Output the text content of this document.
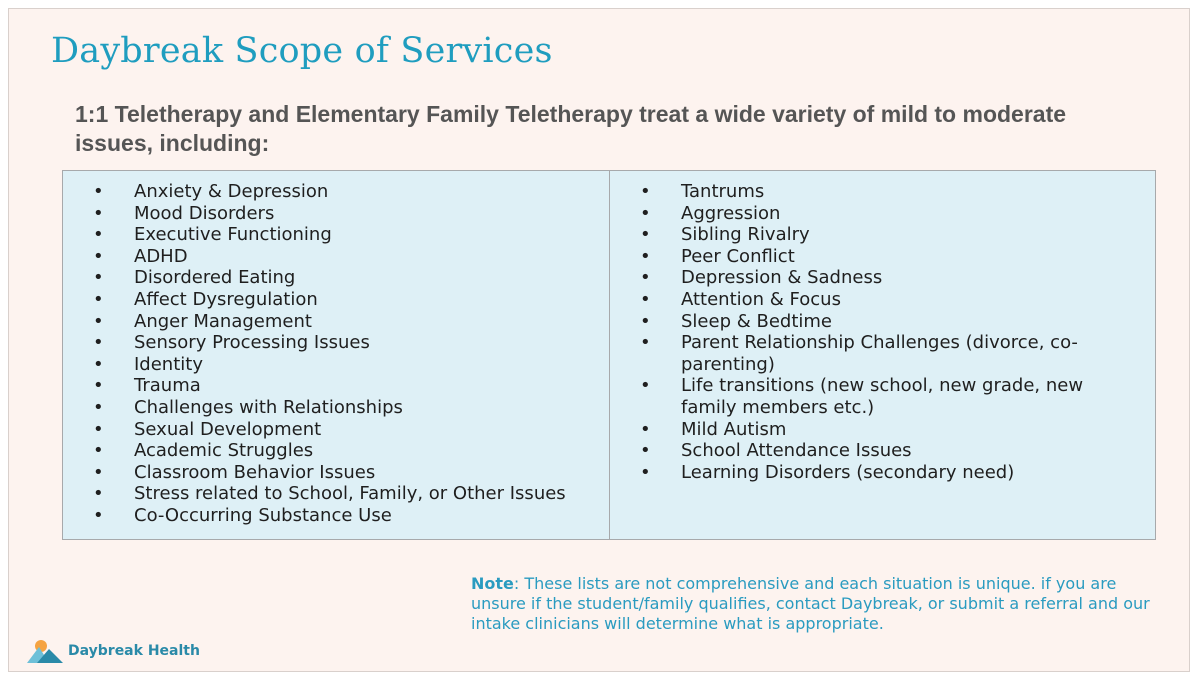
Daybreak Scope of Services
1:1 Teletherapy and Elementary Family Teletherapy treat a wide variety of mild to moderate issues, including:
• Anxiety & Depression
• Mood Disorders
• Executive Functioning
• ADHD
• Disordered Eating
• Affect Dysregulation
• Anger Management
• Sensory Processing Issues
• Identity
• Trauma
• Challenges with Relationships
• Sexual Development
• Academic Struggles
• Classroom Behavior Issues
• Stress related to School, Family, or Other Issues
• Co-Occurring Substance Use
• Tantrums
• Aggression
• Sibling Rivalry
• Peer Conflict
• Depression & Sadness
• Attention & Focus
• Sleep & Bedtime
• Parent Relationship Challenges (divorce, co-parenting)
• Life transitions (new school, new grade, new family members etc.)
• Mild Autism
• School Attendance Issues
• Learning Disorders (secondary need)
Note: These lists are not comprehensive and each situation is unique. if you are unsure if the student/family qualifies, contact Daybreak, or submit a referral and our intake clinicians will determine what is appropriate.
Daybreak Health
